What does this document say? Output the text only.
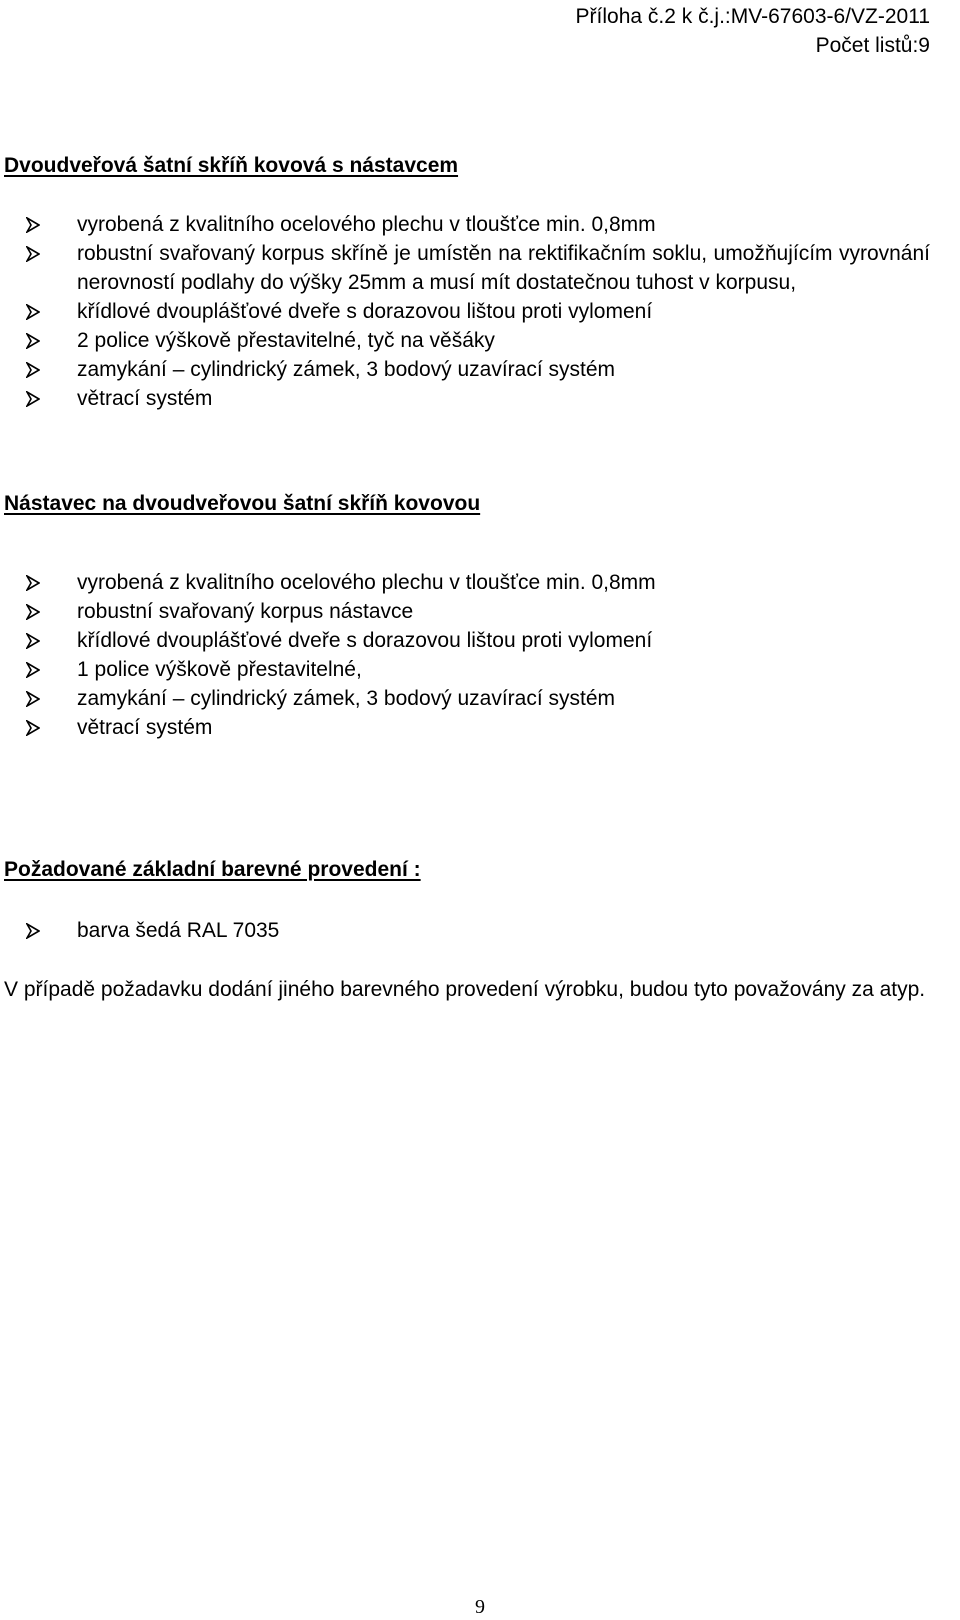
Příloha č.2 k č.j.:MV-67603-6/VZ-2011
Počet listů:9
Dvoudveřová šatní skříň kovová s nástavcem
vyrobená z kvalitního ocelového plechu v tloušťce min. 0,8mm
robustní svařovaný korpus skříně je umístěn na rektifikačním soklu, umožňujícím vyrovnání nerovností podlahy do výšky 25mm a musí mít dostatečnou tuhost v korpusu,
křídlové dvouplášťové dveře s dorazovou lištou proti vylomení
2 police výškově přestavitelné, tyč na věšáky
zamykání – cylindrický zámek, 3 bodový uzavírací systém
větrací systém
Nástavec na dvoudveřovou šatní skříň kovovou
vyrobená z kvalitního ocelového plechu v tloušťce min. 0,8mm
robustní svařovaný korpus nástavce
křídlové dvouplášťové dveře s dorazovou lištou proti vylomení
1 police výškově přestavitelné,
zamykání – cylindrický zámek, 3 bodový uzavírací systém
větrací systém
Požadované základní barevné provedení :
barva šedá RAL 7035

V případě požadavku dodání jiného barevného provedení výrobku, budou tyto považovány za atyp.

9
